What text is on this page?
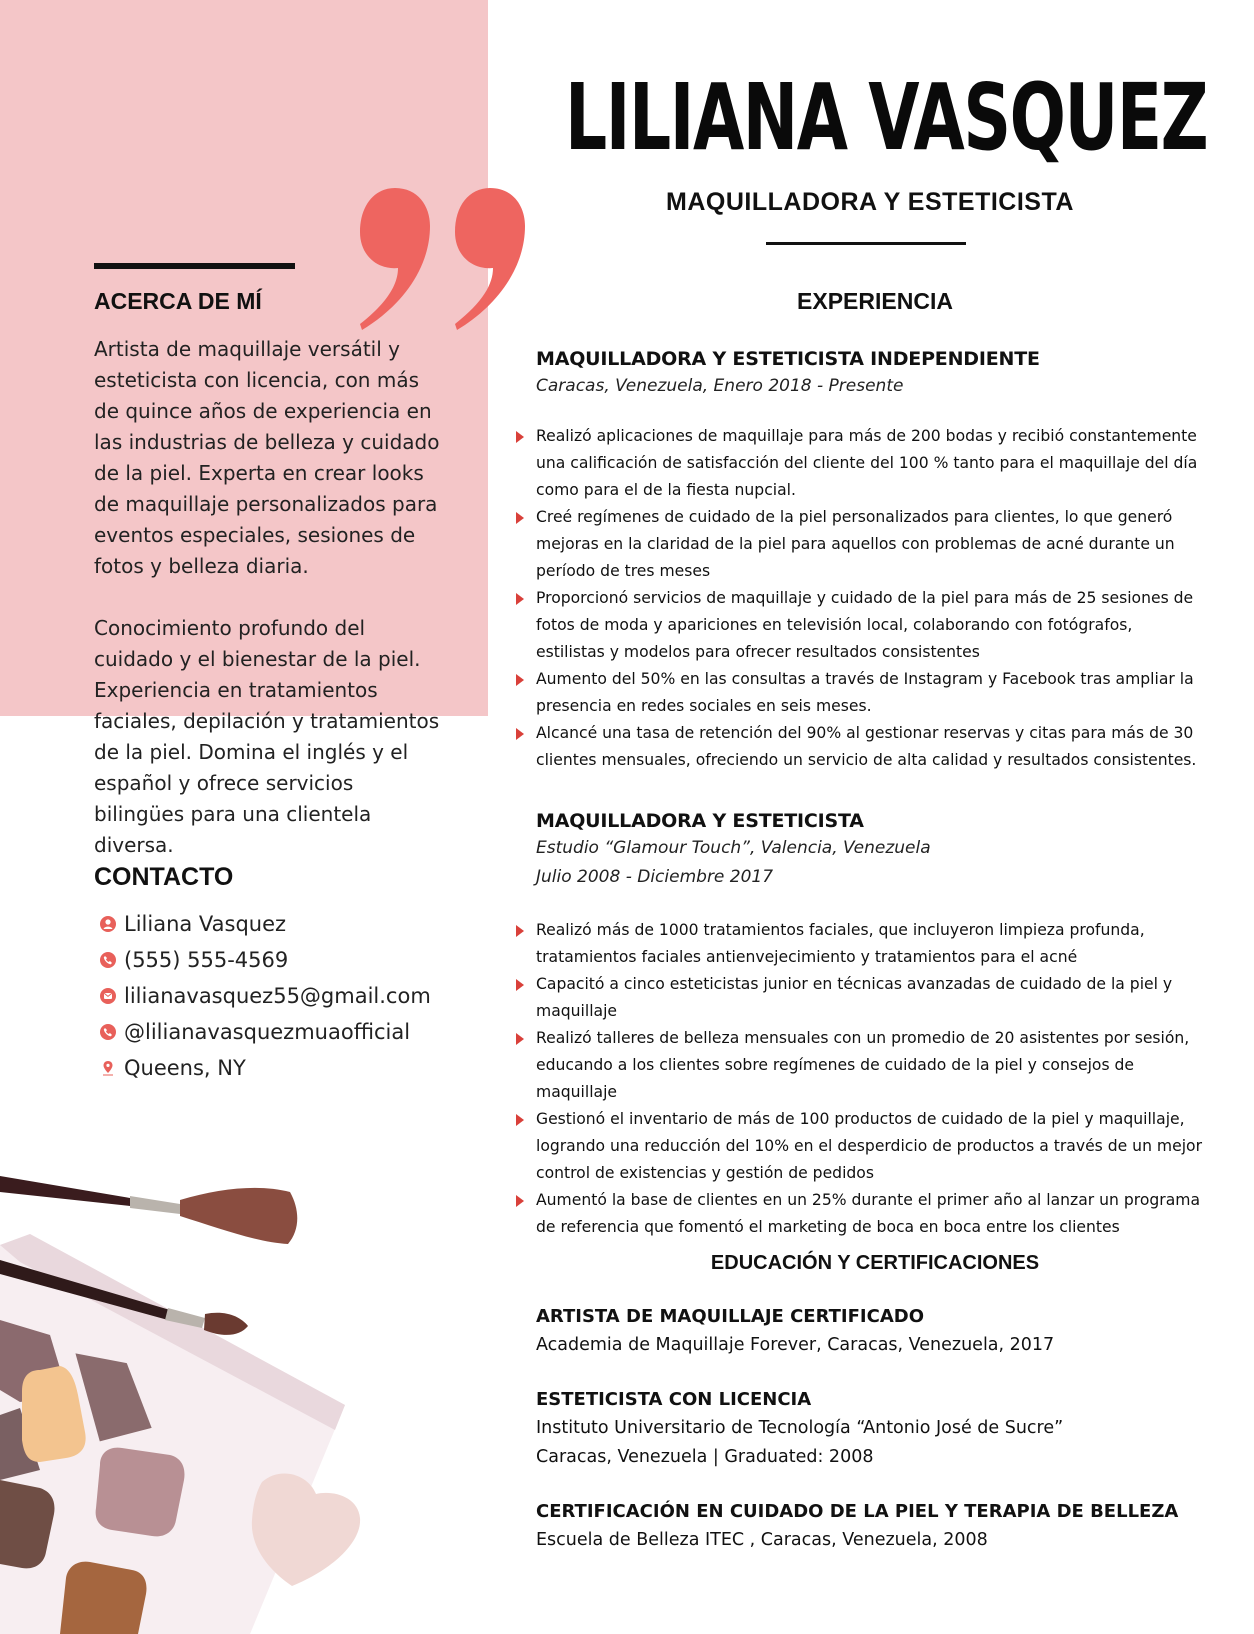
LILIANA VASQUEZ
MAQUILLADORA Y ESTETICISTA
ACERCA DE MÍ

Artista de maquillaje versátil y esteticista con licencia, con más de quince años de experiencia en las industrias de belleza y cuidado de la piel. Experta en crear looks de maquillaje personalizados para eventos especiales, sesiones de fotos y belleza diaria.

Conocimiento profundo del cuidado y el bienestar de la piel. Experiencia en tratamientos faciales, depilación y tratamientos de la piel. Domina el inglés y el español y ofrece servicios bilingües para una clientela diversa.

CONTACTO
Liliana Vasquez
(555) 555-4569
lilianavasquez55@gmail.com
@lilianavasquezmuaofficial
Queens, NY
EXPERIENCIA

MAQUILLADORA Y ESTETICISTA INDEPENDIENTE

Caracas, Venezuela, Enero 2018 - Presente

Realizó aplicaciones de maquillaje para más de 200 bodas y recibió constantemente una calificación de satisfacción del cliente del 100 % tanto para el maquillaje del día como para el de la fiesta nupcial.
Creé regímenes de cuidado de la piel personalizados para clientes, lo que generó mejoras en la claridad de la piel para aquellos con problemas de acné durante un período de tres meses
Proporcionó servicios de maquillaje y cuidado de la piel para más de 25 sesiones de fotos de moda y apariciones en televisión local, colaborando con fotógrafos, estilistas y modelos para ofrecer resultados consistentes
Aumento del 50% en las consultas a través de Instagram y Facebook tras ampliar la presencia en redes sociales en seis meses.
Alcancé una tasa de retención del 90% al gestionar reservas y citas para más de 30 clientes mensuales, ofreciendo un servicio de alta calidad y resultados consistentes.

MAQUILLADORA Y ESTETICISTA

Estudio “Glamour Touch”, Valencia, Venezuela

Julio 2008 - Diciembre 2017

Realizó más de 1000 tratamientos faciales, que incluyeron limpieza profunda, tratamientos faciales antienvejecimiento y tratamientos para el acné
Capacitó a cinco esteticistas junior en técnicas avanzadas de cuidado de la piel y maquillaje
Realizó talleres de belleza mensuales con un promedio de 20 asistentes por sesión, educando a los clientes sobre regímenes de cuidado de la piel y consejos de maquillaje
Gestionó el inventario de más de 100 productos de cuidado de la piel y maquillaje, logrando una reducción del 10% en el desperdicio de productos a través de un mejor control de existencias y gestión de pedidos
Aumentó la base de clientes en un 25% durante el primer año al lanzar un programa de referencia que fomentó el marketing de boca en boca entre los clientes
EDUCACIÓN Y CERTIFICACIONES

ARTISTA DE MAQUILLAJE CERTIFICADO

Academia de Maquillaje Forever, Caracas, Venezuela, 2017

ESTETICISTA CON LICENCIA

Instituto Universitario de Tecnología “Antonio José de Sucre”

Caracas, Venezuela | Graduated: 2008

CERTIFICACIÓN EN CUIDADO DE LA PIEL Y TERAPIA DE BELLEZA

Escuela de Belleza ITEC , Caracas, Venezuela, 2008
